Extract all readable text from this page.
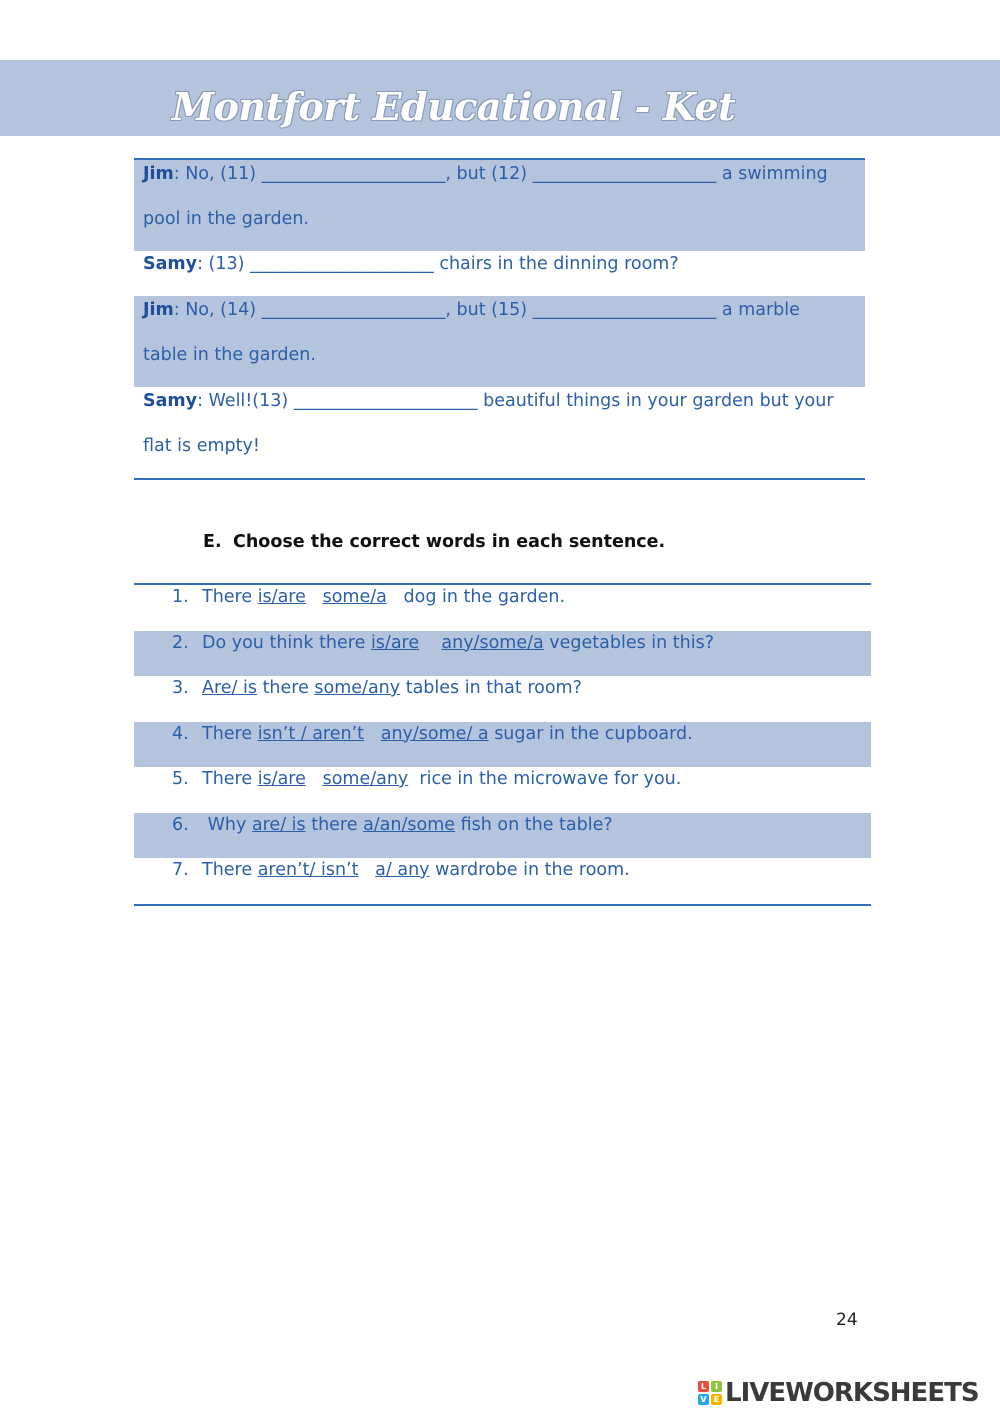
Montfort Educational - Ket
Jim: No, (11) _____________________, but (12) _____________________ a swimming
pool in the garden.
Samy: (13) _____________________ chairs in the dinning room?
Jim: No, (14) _____________________, but (15) _____________________ a marble
table in the garden.
Samy: Well!(13) _____________________ beautiful things in your garden but your
flat is empty!
E. Choose the correct words in each sentence.
1. There is/are some/a   dog in the garden.
2. Do you think there is/are any/some/a vegetables in this?
3. Are/ is there some/any tables in that room?
4. There isn’t / aren’t any/some/ a sugar in the cupboard.
5. There is/are some/any  rice in the microwave for you.
6. Why are/ is there a/an/some fish on the table?
7. There aren’t/ isn’t a/ any wardrobe in the room.
24
L	I
V E LIVEWORKSHEETS
